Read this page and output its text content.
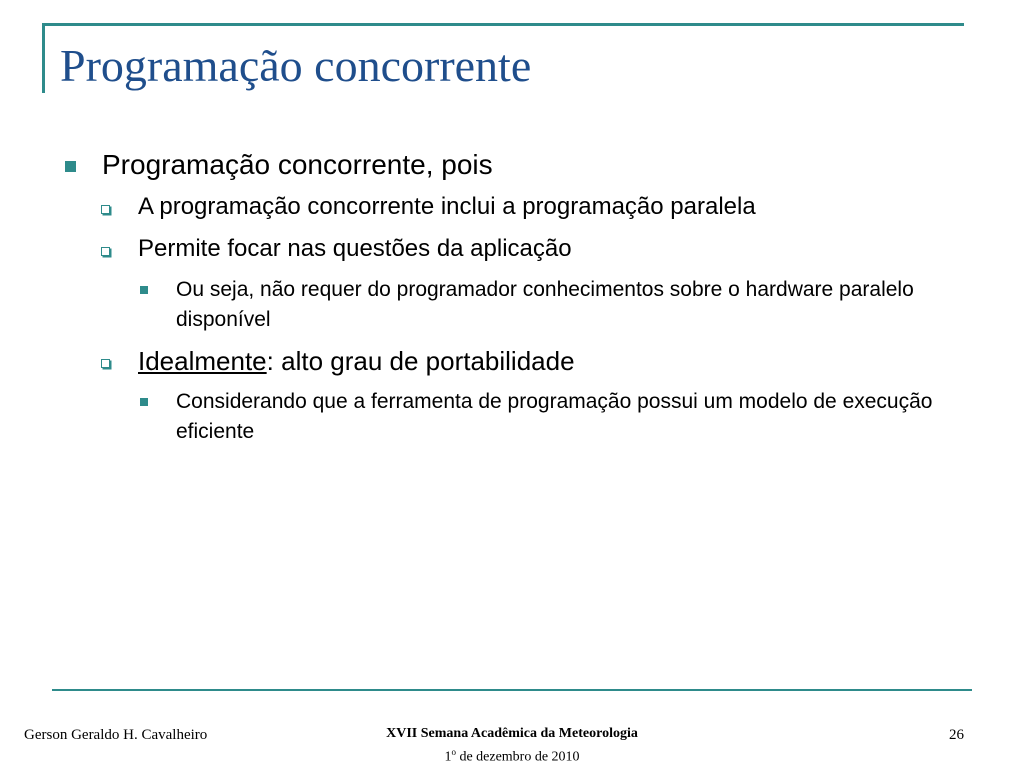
Programação concorrente
Programação concorrente, pois
A programação concorrente inclui a programação paralela
Permite focar nas questões da aplicação
Ou seja, não requer do programador conhecimentos sobre o hardware paralelo disponível
Idealmente: alto grau de portabilidade
Considerando que a ferramenta de programação possui um modelo de execução eficiente
Gerson Geraldo H. Cavalheiro	XVII Semana Acadêmica da Meteorologia
1$^o$ de dezembro de 2010
26
